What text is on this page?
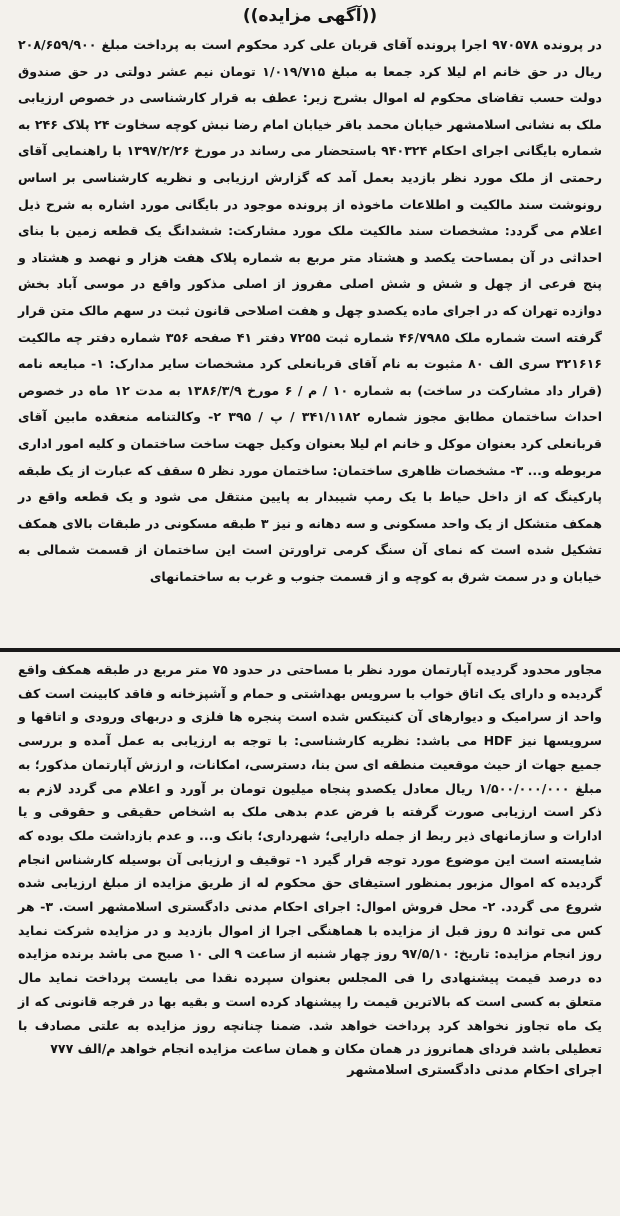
((آگهی مزایده))

در پرونده ۹۷۰۵۷۸ اجرا پرونده آقای قربان علی کرد محکوم است به پرداخت مبلغ ۲۰۸/۶۵۹/۹۰۰ ریال در حق خانم ام لیلا کرد جمعا به مبلغ ۱/۰۱۹/۷۱۵ تومان نیم عشر دولتی در حق صندوق دولت حسب تقاضای محکوم له اموال بشرح زیر: عطف به قرار کارشناسی در خصوص ارزیابی ملک به نشانی اسلامشهر خیابان محمد باقر خیابان امام رضا نبش کوچه سخاوت ۲۴ پلاک ۲۴۶ به شماره بایگانی اجرای احکام ۹۴۰۳۲۴ باستحضار می رساند در مورخ ۱۳۹۷/۲/۲۶ با راهنمایی آقای رحمتی از ملک مورد نظر بازدید بعمل آمد که گزارش ارزیابی و نظریه کارشناسی بر اساس رونوشت سند مالکیت و اطلاعات ماخوذه از پرونده موجود در بایگانی مورد اشاره به شرح ذیل اعلام می گردد: مشخصات سند مالکیت ملک مورد مشارکت: ششدانگ یک قطعه زمین با بنای احداثی در آن بمساحت یکصد و هشتاد متر مربع به شماره پلاک هفت هزار و نهصد و هشتاد و پنج فرعی از چهل و شش و شش اصلی مفروز از اصلی مذکور واقع در موسی آباد بخش دوازده تهران که در اجرای ماده یکصدو چهل و هفت اصلاحی قانون ثبت در سهم مالک متن قرار گرفته است شماره ملک ۴۶/۷۹۸۵ شماره ثبت ۷۲۵۵ دفتر ۴۱ صفحه ۳۵۶ شماره دفتر چه مالکیت ۳۲۱۶۱۶ سری الف ۸۰ مثبوت به نام آقای قربانعلی کرد مشخصات سایر مدارک: ۱- مبایعه نامه (قرار داد مشارکت در ساخت) به شماره ۱۰ / م / ۶ مورخ ۱۳۸۶/۳/۹ به مدت ۱۲ ماه در خصوص احداث ساختمان مطابق مجوز شماره ۳۴۱/۱۱۸۲ / پ / ۳۹۵ ۲- وکالتنامه منعقده مابین آقای قربانعلی کرد بعنوان موکل و خانم ام لیلا بعنوان وکیل جهت ساخت ساختمان و کلیه امور اداری مربوطه و... ۳- مشخصات ظاهری ساختمان: ساختمان مورد نظر ۵ سقف که عبارت از یک طبقه پارکینگ که از داخل حیاط با یک رمپ شیبدار به پایین منتقل می شود و یک قطعه واقع در همکف متشکل از یک واحد مسکونی و سه دهانه و نیز ۳ طبقه مسکونی در طبقات بالای همکف تشکیل شده است که نمای آن سنگ کرمی تراورتن است این ساختمان از قسمت شمالی به خیابان و در سمت شرق به کوچه و از قسمت جنوب و غرب به ساختمانهای

مجاور محدود گردیده آپارتمان مورد نظر با مساحتی در حدود ۷۵ متر مربع در طبقه همکف واقع گردیده و دارای یک اتاق خواب با سرویس بهداشتی و حمام و آشپزخانه و فاقد کابینت است کف واحد از سرامیک و دیوارهای آن کنیتکس شده است پنجره ها فلزی و دربهای ورودی و اتاقها و سرویسها نیز HDF می باشد: نظریه کارشناسی: با توجه به ارزیابی به عمل آمده و بررسی جمیع جهات از حیث موقعیت منطقه ای سن بنا، دسترسی، امکانات، و ارزش آپارتمان مذکور؛ به مبلغ ۱/۵۰۰/۰۰۰/۰۰۰ ریال معادل یکصدو پنجاه میلیون تومان بر آورد و اعلام می گردد لازم به ذکر است ارزیابی صورت گرفته با فرض عدم بدهی ملک به اشخاص حقیقی و حقوقی و یا ادارات و سازمانهای ذیر ربط از جمله دارایی؛ شهرداری؛ بانک و... و عدم بازداشت ملک بوده که شایسته است این موضوع مورد توجه قرار گیرد ۱- توقیف و ارزیابی آن بوسیله کارشناس انجام گردیده که اموال مزبور بمنظور استیفای حق محکوم له از طریق مزایده از مبلغ ارزیابی شده شروع می گردد. ۲- محل فروش اموال: اجرای احکام مدنی دادگستری اسلامشهر است. ۳- هر کس می تواند ۵ روز قبل از مزایده با هماهنگی اجرا از اموال بازدید و در مزایده شرکت نماید روز انجام مزایده: تاریخ: ۹۷/۵/۱۰ روز چهار شنبه از ساعت ۹ الی ۱۰ صبح می باشد برنده مزایده ده درصد قیمت پیشنهادی را فی المجلس بعنوان سپرده نقدا می بایست پرداخت نماید مال متعلق به کسی است که بالاترین قیمت را پیشنهاد کرده است و بقیه بها در فرجه قانونی که از یک ماه تجاوز نخواهد کرد پرداخت خواهد شد. ضمنا چنانچه روز مزایده به علتی مصادف با تعطیلی باشد فردای همانروز در همان مکان و همان ساعت مزایده انجام خواهد م/الف ۷۷۷

اجرای احکام مدنی دادگستری اسلامشهر
